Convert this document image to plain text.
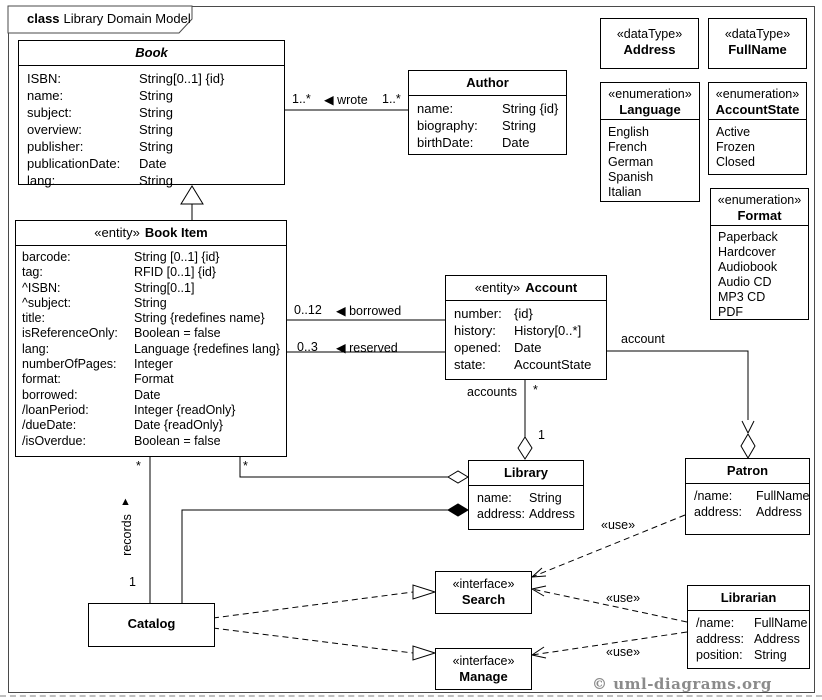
class Library Domain Model
Book
ISBN:	String[0..1] {id}
name:	String
subject:	String
overview:	String
publisher:	String
publicationDate:	Date
lang:	String
«entity» Book Item
barcode:	String [0..1] {id}
tag:	RFID [0..1] {id}
^ISBN:	String[0..1]
^subject:	String
title:	String {redefines name}
isReferenceOnly:	Boolean = false
lang:	Language {redefines lang}
numberOfPages:	Integer
format:	Format
borrowed:	Date
/loanPeriod:	Integer {readOnly}
/dueDate:	Date {readOnly}
/isOverdue:	Boolean = false
Author
name:	String {id}
biography:	String
birthDate:	Date
«entity» Account
number: {id}
history:	History[0..*]
opened:	Date
state:	AccountState
Library
name:	String
address: Address
Patron
/name:	FullName
address:	Address
Librarian
/name:	FullName
address: Address
position: String
Catalog
«interface»
Search
«interface»
Manage
«dataType»
Address
«dataType»
FullName
«enumeration»
Language
English
French
German
Spanish
Italian
«enumeration»
AccountState
Active
Frozen
Closed
«enumeration»
Format
Paperback
Hardcover
Audiobook
Audio CD
MP3 CD
PDF
1..* ◀ wrote 1..*
0..12 ◀ borrowed
0..3 ◀ reserved
accounts *
1
account
*
*
▲
records
1
«use»
«use»
«use»
© uml-diagrams.org
